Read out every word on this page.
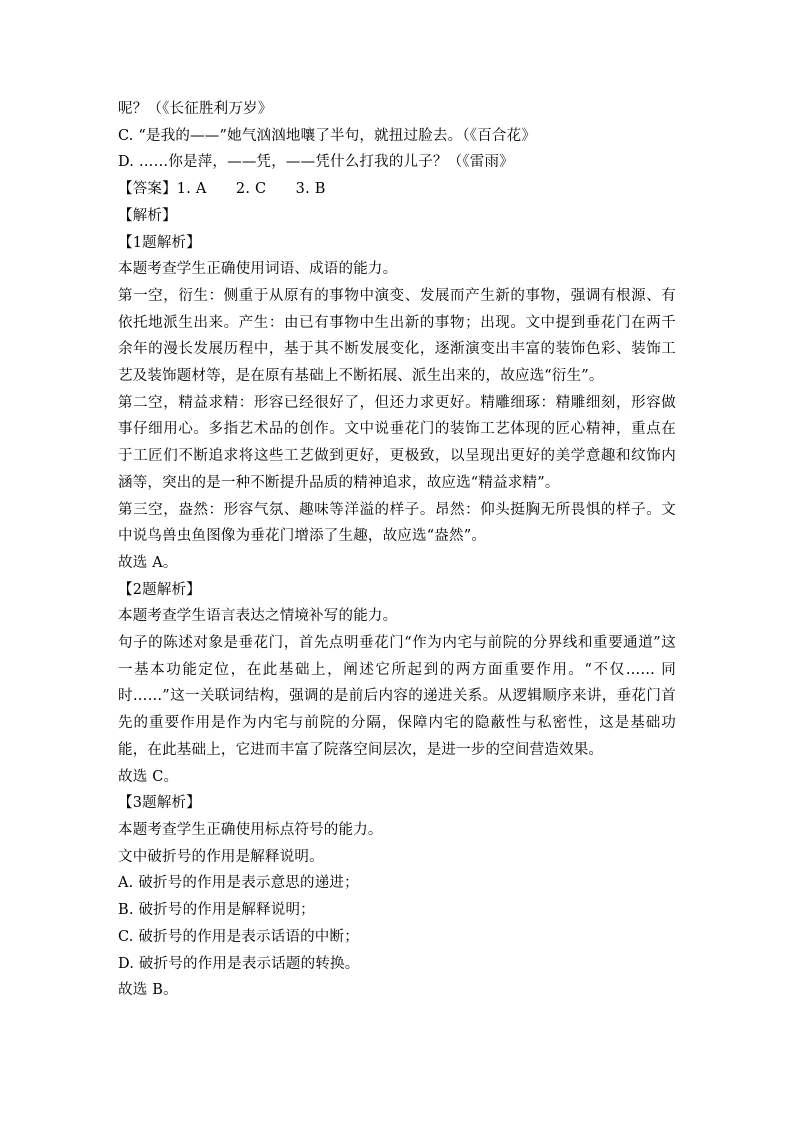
呢？（《长征胜利万岁》
C. “是我的——”她气汹汹地嚷了半句，就扭过脸去。（《百合花》
D. ……你是萍，——凭，——凭什么打我的儿子？（《雷雨》
【答案】1. A　　2. C　　3. B
【解析】
【1题解析】
本题考查学生正确使用词语、成语的能力。
第一空，衍生：侧重于从原有的事物中演变、发展而产生新的事物，强调有根源、有依托地派生出来。产生：由已有事物中生出新的事物；出现。文中提到垂花门在两千余年的漫长发展历程中，基于其不断发展变化，逐渐演变出丰富的装饰色彩、装饰工艺及装饰题材等，是在原有基础上不断拓展、派生出来的，故应选“衍生”。
第二空，精益求精：形容已经很好了，但还力求更好。精雕细琢：精雕细刻，形容做事仔细用心。多指艺术品的创作。文中说垂花门的装饰工艺体现的匠心精神，重点在于工匠们不断追求将这些工艺做到更好，更极致，以呈现出更好的美学意趣和纹饰内涵等，突出的是一种不断提升品质的精神追求，故应选“精益求精”。
第三空，盎然：形容气氛、趣味等洋溢的样子。昂然：仰头挺胸无所畏惧的样子。文中说鸟兽虫鱼图像为垂花门增添了生趣，故应选“盎然”。
故选 A。
【2题解析】
本题考查学生语言表达之情境补写的能力。
句子的陈述对象是垂花门，首先点明垂花门“作为内宅与前院的分界线和重要通道”这一基本功能定位，在此基础上，阐述它所起到的两方面重要作用。“不仅…… 同时……”这一关联词结构，强调的是前后内容的递进关系。从逻辑顺序来讲，垂花门首先的重要作用是作为内宅与前院的分隔，保障内宅的隐蔽性与私密性，这是基础功能，在此基础上，它进而丰富了院落空间层次，是进一步的空间营造效果。
故选 C。
【3题解析】
本题考查学生正确使用标点符号的能力。
文中破折号的作用是解释说明。
A. 破折号的作用是表示意思的递进；
B. 破折号的作用是解释说明；
C. 破折号的作用是表示话语的中断；
D. 破折号的作用是表示话题的转换。
故选 B。
